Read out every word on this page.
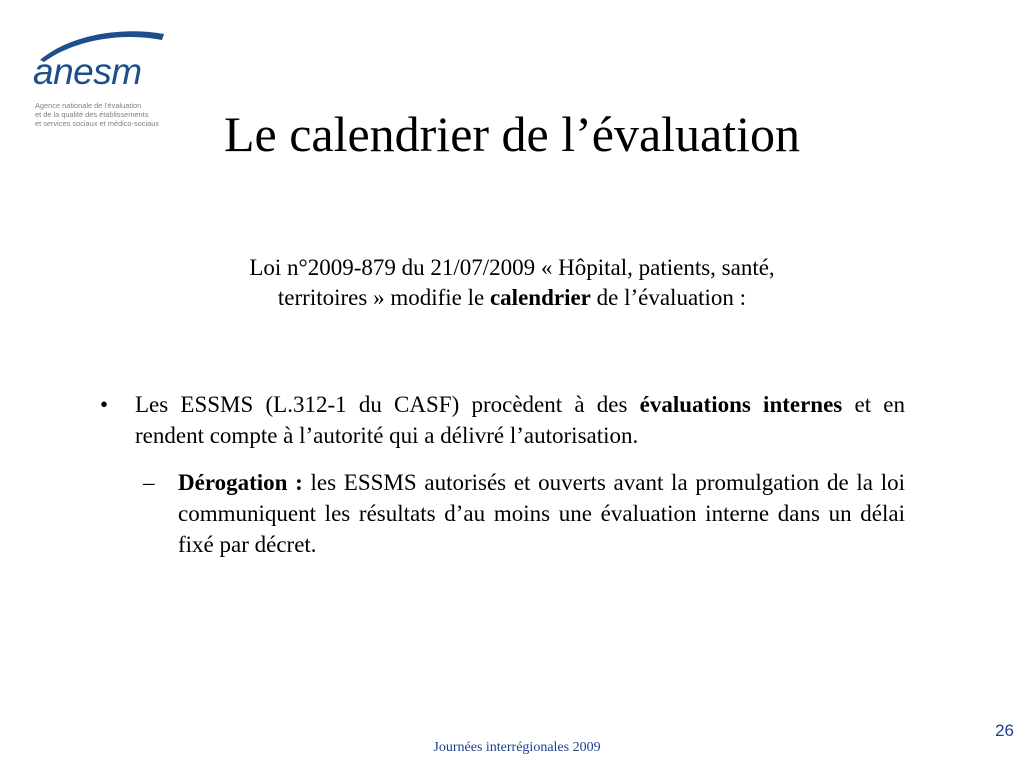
anesm
Agence nationale de l'évaluation
et de la qualité des établissements
et services sociaux et médico-sociaux	Le calendrier de l’évaluation
Loi n°2009-879 du 21/07/2009 « Hôpital, patients, santé,
territoires » modifie le calendrier de l’évaluation :
• Les ESSMS (L.312-1 du CASF) procèdent à des évaluations internes et en rendent compte à l’autorité qui a délivré l’autorisation.
– Dérogation : les ESSMS autorisés et ouverts avant la promulgation de la loi communiquent les résultats d’au moins une évaluation interne dans un délai fixé par décret.
Journées interrégionales 2009
26
